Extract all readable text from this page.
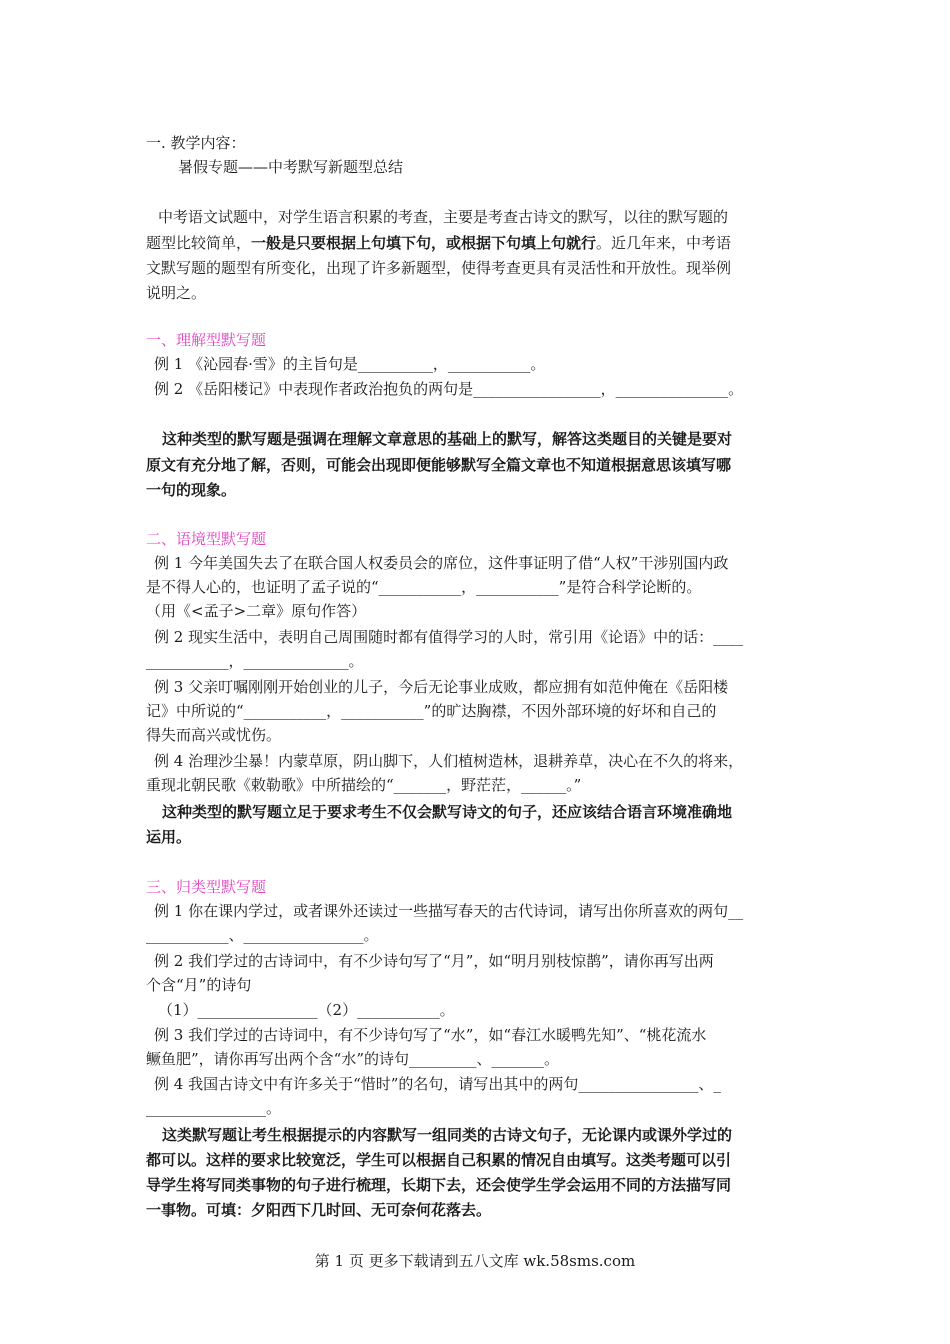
一. 教学内容：
暑假专题——中考默写新题型总结
中考语文试题中，对学生语言积累的考查，主要是考查古诗文的默写，以往的默写题的
题型比较简单，一般是只要根据上句填下句，或根据下句填上句就行。近几年来，中考语
文默写题的题型有所变化，出现了许多新题型，使得考查更具有灵活性和开放性。现举例
说明之。
一、理解型默写题
例 1 《沁园春·雪》的主旨句是__________，___________。
例 2 《岳阳楼记》中表现作者政治抱负的两句是_________________，_______________。
这种类型的默写题是强调在理解文章意思的基础上的默写，解答这类题目的关键是要对
原文有充分地了解，否则，可能会出现即便能够默写全篇文章也不知道根据意思该填写哪
一句的现象。
二、语境型默写题
例 1 今年美国失去了在联合国人权委员会的席位，这件事证明了借“人权”干涉别国内政
是不得人心的，也证明了孟子说的“___________，___________”是符合科学论断的。
（用《<孟子>二章》原句作答）
例 2 现实生活中，表明自己周围随时都有值得学习的人时，常引用《论语》中的话：____
___________，______________。
例 3 父亲叮嘱刚刚开始创业的儿子，今后无论事业成败，都应拥有如范仲俺在《岳阳楼
记》中所说的“___________，___________”的旷达胸襟，不因外部环境的好坏和自己的
得失而高兴或忧伤。
例 4 治理沙尘暴！内蒙草原，阴山脚下，人们植树造林，退耕养草，决心在不久的将来，
重现北朝民歌《敕勒歌》中所描绘的“_______，野茫茫，______。”
这种类型的默写题立足于要求考生不仅会默写诗文的句子，还应该结合语言环境准确地
运用。
三、归类型默写题
例 1 你在课内学过，或者课外还读过一些描写春天的古代诗词，请写出你所喜欢的两句__
___________、________________。
例 2 我们学过的古诗词中，有不少诗句写了“月”，如“明月别枝惊鹊”，请你再写出两
个含“月”的诗句
（1）________________（2）___________。
例 3 我们学过的古诗词中，有不少诗句写了“水”，如“春江水暖鸭先知”、“桃花流水
鳜鱼肥”，请你再写出两个含“水”的诗句_________、_______。
例 4 我国古诗文中有许多关于“惜时”的名句，请写出其中的两句________________、_
________________。
这类默写题让考生根据提示的内容默写一组同类的古诗文句子，无论课内或课外学过的
都可以。这样的要求比较宽泛，学生可以根据自己积累的情况自由填写。这类考题可以引
导学生将写同类事物的句子进行梳理，长期下去，还会使学生学会运用不同的方法描写同
一事物。可填：夕阳西下几时回、无可奈何花落去。
第 1 页 更多下载请到五八文库 wk.58sms.com
